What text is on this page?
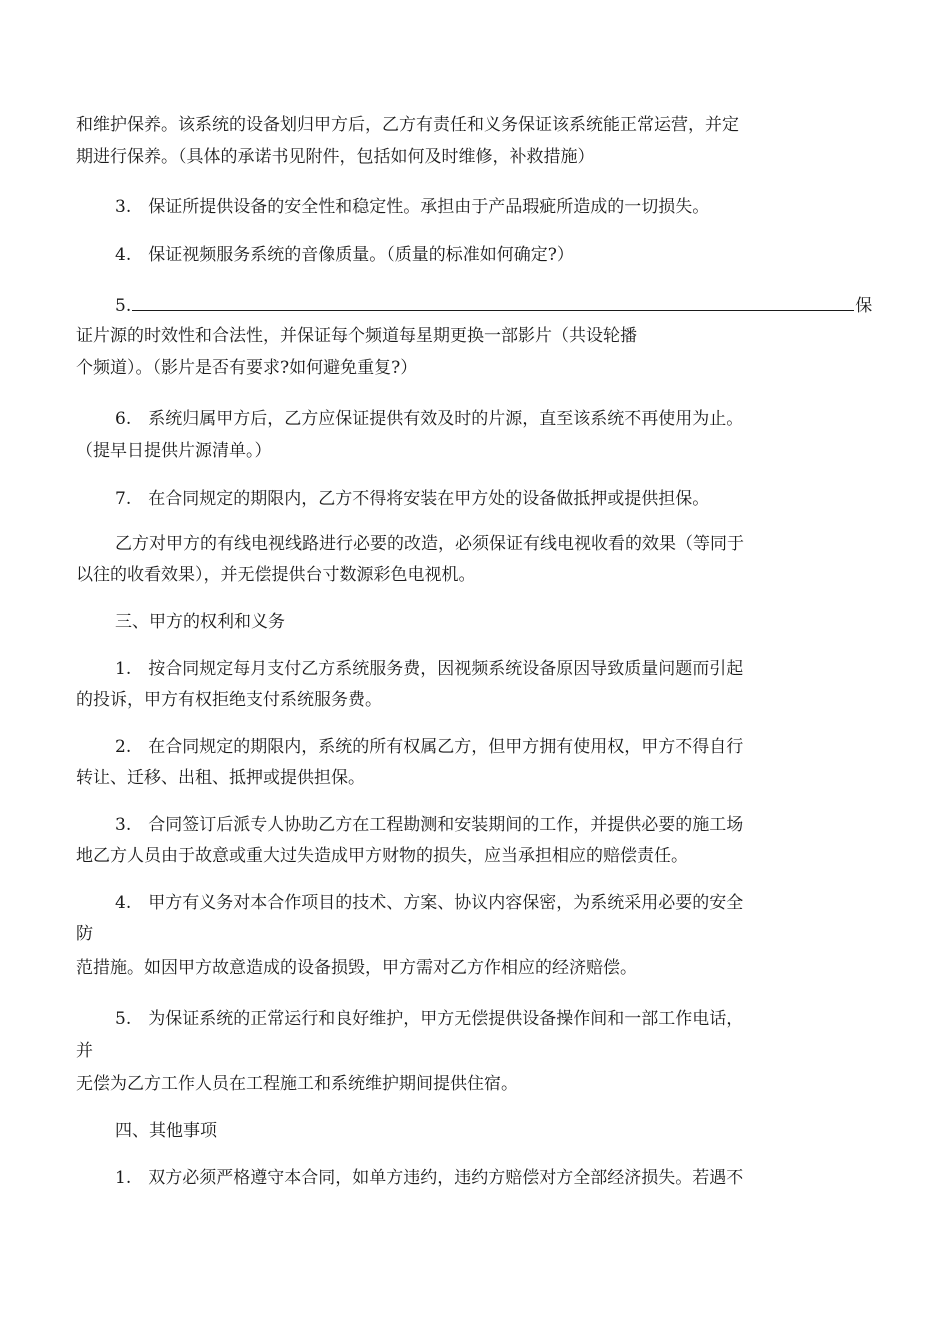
和维护保养。该系统的设备划归甲方后，乙方有责任和义务保证该系统能正常运营，并定

期进行保养。（具体的承诺书见附件，包括如何及时维修，补救措施）

3.　保证所提供设备的安全性和稳定性。承担由于产品瑕疵所造成的一切损失。

4.　保证视频服务系统的音像质量。（质量的标准如何确定?）

5.	保

证片源的时效性和合法性，并保证每个频道每星期更换一部影片（共设轮播

个频道）。（影片是否有要求?如何避免重复?）

6.　系统归属甲方后，乙方应保证提供有效及时的片源，直至该系统不再使用为止。

（提早日提供片源清单。）

7.　在合同规定的期限内，乙方不得将安装在甲方处的设备做抵押或提供担保。

乙方对甲方的有线电视线路进行必要的改造，必须保证有线电视收看的效果（等同于

以往的收看效果），并无偿提供台寸数源彩色电视机。

三、甲方的权利和义务

1.　按合同规定每月支付乙方系统服务费，因视频系统设备原因导致质量问题而引起

的投诉，甲方有权拒绝支付系统服务费。

2.　在合同规定的期限内，系统的所有权属乙方，但甲方拥有使用权，甲方不得自行

转让、迁移、出租、抵押或提供担保。

3.　合同签订后派专人协助乙方在工程勘测和安装期间的工作，并提供必要的施工场

地乙方人员由于故意或重大过失造成甲方财物的损失，应当承担相应的赔偿责任。

4.　甲方有义务对本合作项目的技术、方案、协议内容保密，为系统采用必要的安全

防

范措施。如因甲方故意造成的设备损毁，甲方需对乙方作相应的经济赔偿。

5.　为保证系统的正常运行和良好维护，甲方无偿提供设备操作间和一部工作电话，

并

无偿为乙方工作人员在工程施工和系统维护期间提供住宿。

四、其他事项

1.　双方必须严格遵守本合同，如单方违约，违约方赔偿对方全部经济损失。若遇不
